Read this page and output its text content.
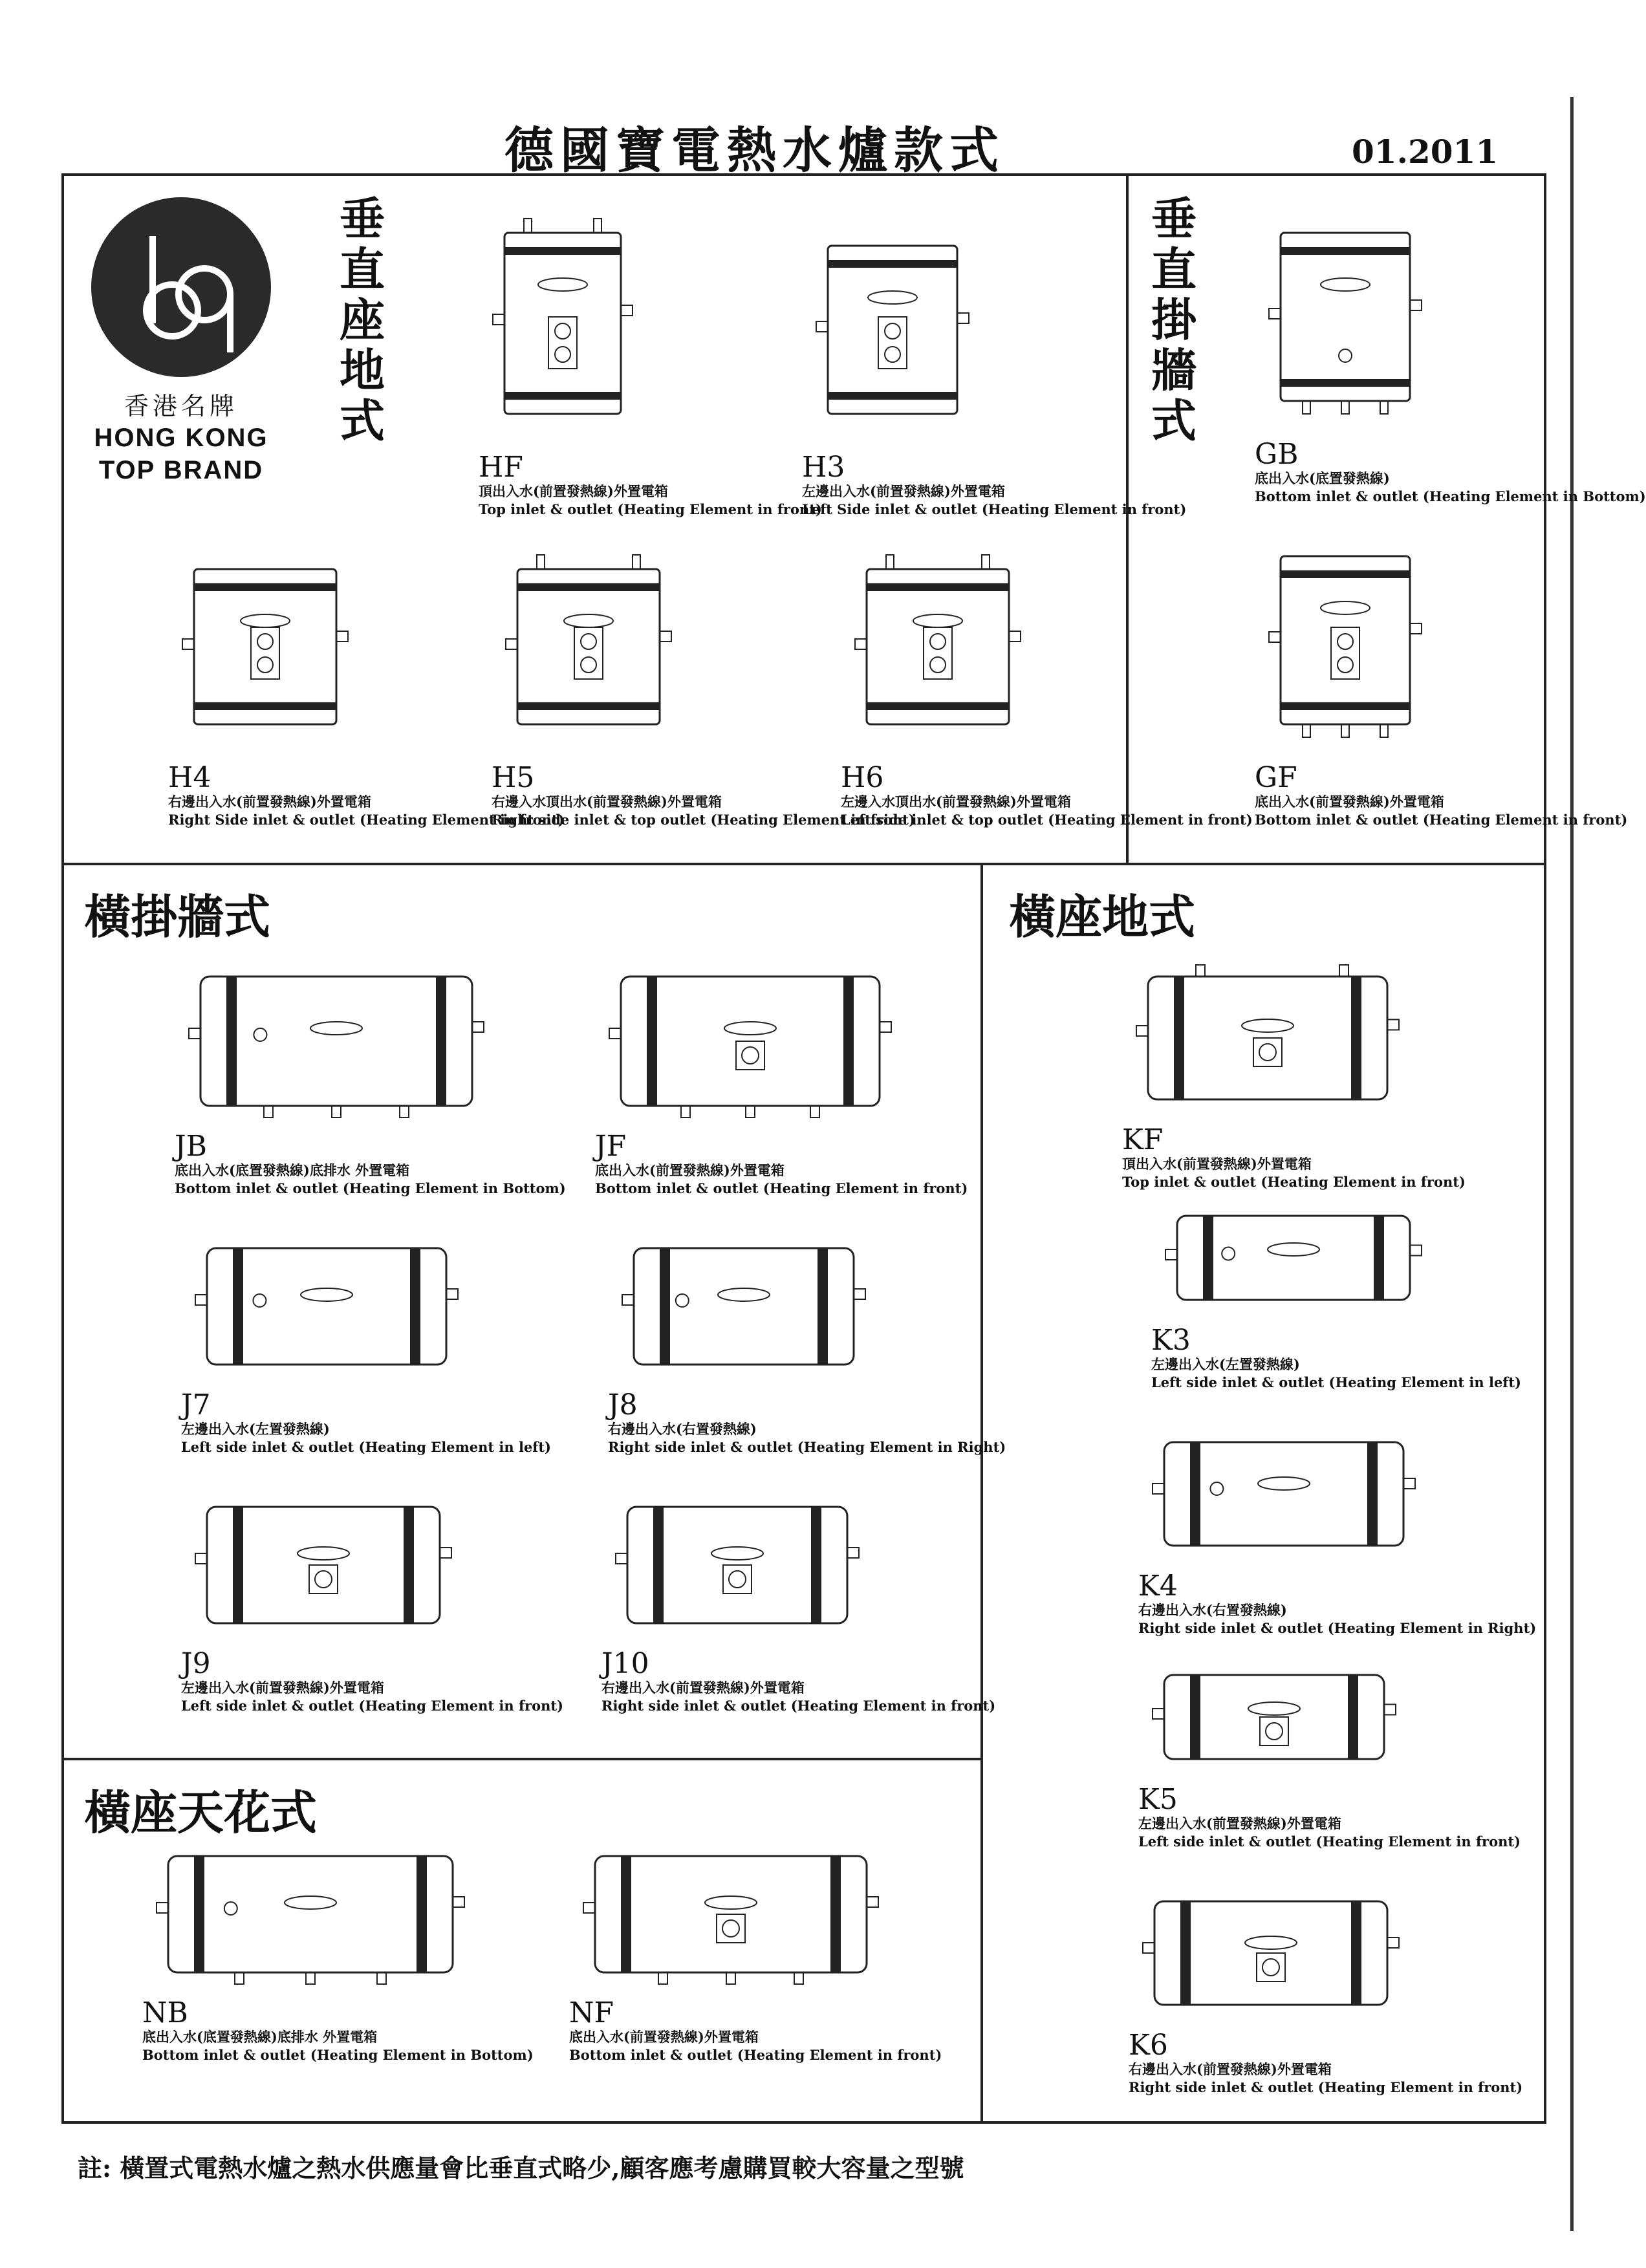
德國寶電熱水爐款式	01.2011
香港名牌
HONG KONG
TOP BRAND
垂直座地式
垂直掛牆式
橫掛牆式	橫座地式
橫座天花式
HF
頂出入水(前置發熱線)外置電箱
Top inlet & outlet (Heating Element in front)
H3
左邊出入水(前置發熱線)外置電箱
Left Side inlet & outlet (Heating Element in front)
GB
底出入水(底置發熱線)
Bottom inlet & outlet (Heating Element in Bottom)
GF
底出入水(前置發熱線)外置電箱
Bottom inlet & outlet (Heating Element in front)
H4
右邊出入水(前置發熱線)外置電箱
Right Side inlet & outlet (Heating Element in front)
H5
右邊入水頂出水(前置發熱線)外置電箱
Right side inlet & top outlet (Heating Element in front)
H6
左邊入水頂出水(前置發熱線)外置電箱
Left side inlet & top outlet (Heating Element in front)
JB
底出入水(底置發熱線)底排水 外置電箱
Bottom inlet & outlet (Heating Element in Bottom)
JF
底出入水(前置發熱線)外置電箱
Bottom inlet & outlet (Heating Element in front)
J7
左邊出入水(左置發熱線)
Left side inlet & outlet (Heating Element in left)
J8
右邊出入水(右置發熱線)
Right side inlet & outlet (Heating Element in Right)
J9
左邊出入水(前置發熱線)外置電箱
Left side inlet & outlet (Heating Element in front)
J10
右邊出入水(前置發熱線)外置電箱
Right side inlet & outlet (Heating Element in front)
KF
頂出入水(前置發熱線)外置電箱
Top inlet & outlet (Heating Element in front)
K3
左邊出入水(左置發熱線)
Left side inlet & outlet (Heating Element in left)
K4
右邊出入水(右置發熱線)
Right side inlet & outlet (Heating Element in Right)
K5
左邊出入水(前置發熱線)外置電箱
Left side inlet & outlet (Heating Element in front)
K6
右邊出入水(前置發熱線)外置電箱
Right side inlet & outlet (Heating Element in front)
NB
底出入水(底置發熱線)底排水 外置電箱
Bottom inlet & outlet (Heating Element in Bottom)
NF
底出入水(前置發熱線)外置電箱
Bottom inlet & outlet (Heating Element in front)
註: 橫置式電熱水爐之熱水供應量會比垂直式略少,顧客應考慮購買較大容量之型號
